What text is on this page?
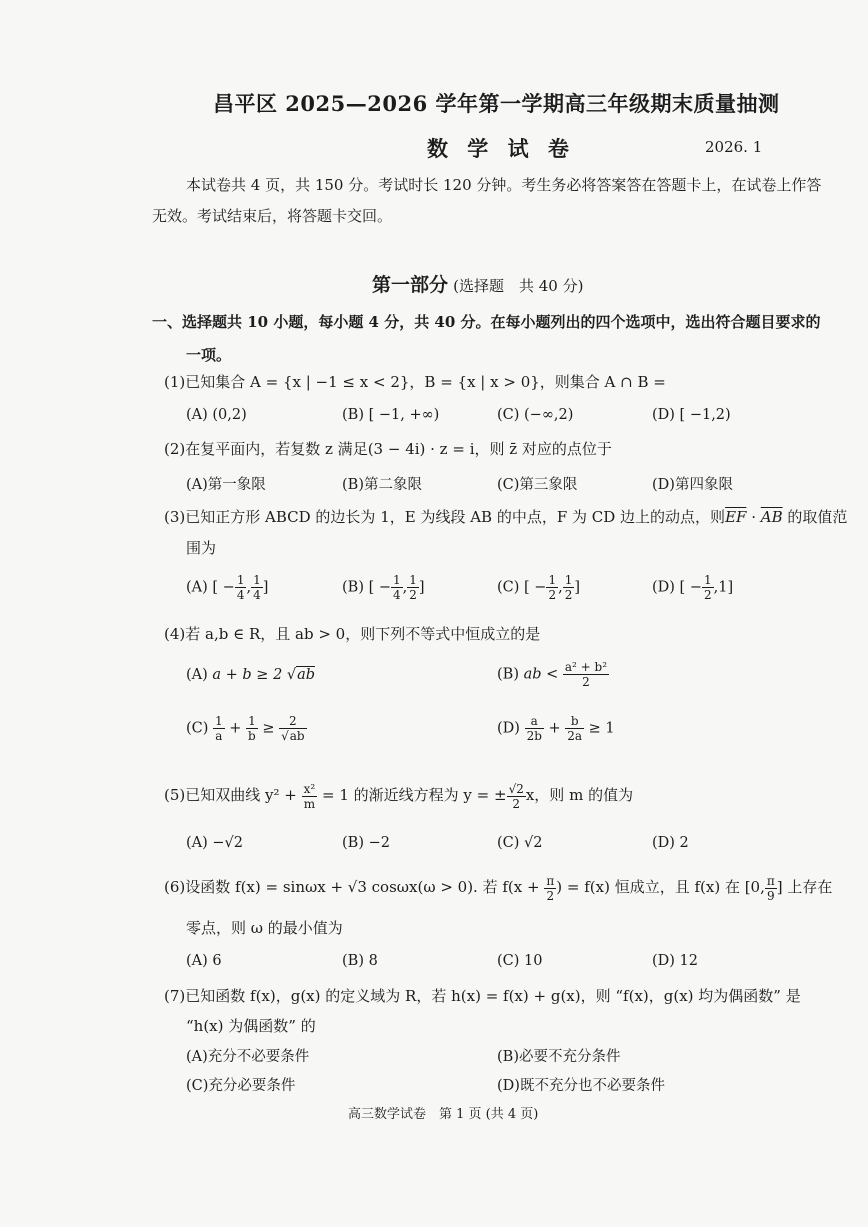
昌平区 2025—2026 学年第一学期高三年级期末质量抽测
数 学 试 卷	2026. 1
本试卷共 4 页，共 150 分。考试时长 120 分钟。考生务必将答案答在答题卡上，在试卷上作答
无效。考试结束后，将答题卡交回。
第一部分 (选择题　共 40 分)
一、选择题共 10 小题，每小题 4 分，共 40 分。在每小题列出的四个选项中，选出符合题目要求的
一项。
(1)已知集合 A = {x | −1 ≤ x < 2}，B = {x | x > 0}，则集合 A ∩ B =
(A) (0,2)	(B) [ −1, +∞)	(C) (−∞,2)	(D) [ −1,2)
(2)在复平面内，若复数 z 满足(3 − 4i) · z = i，则 z̄ 对应的点位于
(A)第一象限	(B)第二象限	(C)第三象限	(D)第四象限
(3)已知正方形 ABCD 的边长为 1，E 为线段 AB 的中点，F 为 CD 边上的动点，则$\overline{EF} \cdot \overline{AB}$ 的取值范
围为
(A) [ − $\frac{1}{4}$ , $\frac{1}{4}$ ]	(B) [ − $\frac{1}{4}$ , $\frac{1}{2}$ ]	(C) [ − $\frac{1}{2}$ , $\frac{1}{2}$ ]	(D) [ − $\frac{1}{2} ,1$]
(4)若 a,b ∈ R，且 ab > 0，则下列不等式中恒成立的是
(A) a + b ≥ 2 √ab	(B) ab < $\frac{\text{a² + b²}}{2}$
$(C) \frac{1}{a} + \frac{1}{b} \ge \frac{2}{√ab}$	$(D) \frac{a}{2b} + \frac{b}{2a} \ge 1$
(5)已知双曲线 $y^2 + \frac{\text{x²}}{m} = 1$ 的渐近线方程为 y = ± $\frac{√2}{2}$ x，则 m 的值为
(A) −√2	(B) −2	(C) √2	(D) 2
(6)设函数 f(x) = sinωx + √3 cosωx(ω > 0). 若 $f(x + \frac{\pi}{2}$ ) = f(x) 恒成立，且 f(x) 在 [0, $\frac{\pi}{9}$ ] 上存在
零点，则 ω 的最小值为
(A) 6	(B) 8	(C) 10	(D) 12
(7)已知函数 f(x)，g(x) 的定义域为 R，若 h(x) = f(x) + g(x)，则 “f(x)，g(x) 均为偶函数” 是
“h(x) 为偶函数” 的
(A)充分不必要条件	(B)必要不充分条件
(C)充分必要条件	(D)既不充分也不必要条件
高三数学试卷　第 1 页 (共 4 页)
